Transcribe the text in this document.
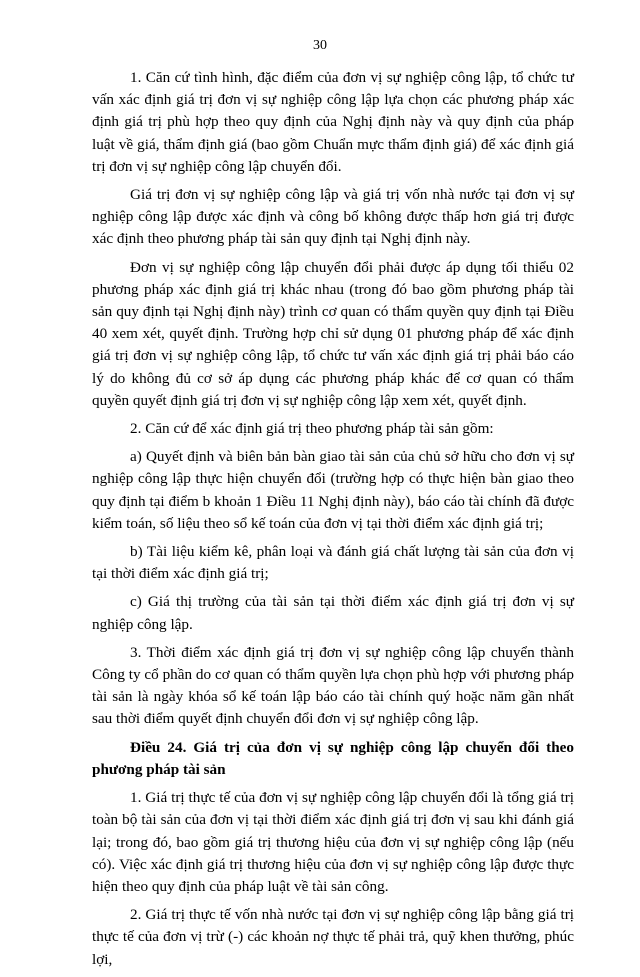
30

1. Căn cứ tình hình, đặc điểm của đơn vị sự nghiệp công lập, tổ chức tư vấn xác định giá trị đơn vị sự nghiệp công lập lựa chọn các phương pháp xác định giá trị phù hợp theo quy định của Nghị định này và quy định của pháp luật về giá, thẩm định giá (bao gồm Chuẩn mực thẩm định giá) để xác định giá trị đơn vị sự nghiệp công lập chuyển đổi.

Giá trị đơn vị sự nghiệp công lập và giá trị vốn nhà nước tại đơn vị sự nghiệp công lập được xác định và công bố không được thấp hơn giá trị được xác định theo phương pháp tài sản quy định tại Nghị định này.

Đơn vị sự nghiệp công lập chuyển đổi phải được áp dụng tối thiểu 02 phương pháp xác định giá trị khác nhau (trong đó bao gồm phương pháp tài sản quy định tại Nghị định này) trình cơ quan có thẩm quyền quy định tại Điều 40 xem xét, quyết định. Trường hợp chỉ sử dụng 01 phương pháp để xác định giá trị đơn vị sự nghiệp công lập, tổ chức tư vấn xác định giá trị phải báo cáo lý do không đủ cơ sở áp dụng các phương pháp khác để cơ quan có thẩm quyền quyết định giá trị đơn vị sự nghiệp công lập xem xét, quyết định.

2. Căn cứ để xác định giá trị theo phương pháp tài sản gồm:

a) Quyết định và biên bản bàn giao tài sản của chủ sở hữu cho đơn vị sự nghiệp công lập thực hiện chuyển đổi (trường hợp có thực hiện bàn giao theo quy định tại điểm b khoản 1 Điều 11 Nghị định này), báo cáo tài chính đã được kiểm toán, số liệu theo sổ kế toán của đơn vị tại thời điểm xác định giá trị;

b) Tài liệu kiểm kê, phân loại và đánh giá chất lượng tài sản của đơn vị tại thời điểm xác định giá trị;

c) Giá thị trường của tài sản tại thời điểm xác định giá trị đơn vị sự nghiệp công lập.

3. Thời điểm xác định giá trị đơn vị sự nghiệp công lập chuyển thành Công ty cổ phần do cơ quan có thẩm quyền lựa chọn phù hợp với phương pháp tài sản là ngày khóa sổ kế toán lập báo cáo tài chính quý hoặc năm gần nhất sau thời điểm quyết định chuyển đổi đơn vị sự nghiệp công lập.

Điều 24. Giá trị của đơn vị sự nghiệp công lập chuyển đổi theo phương pháp tài sản

1. Giá trị thực tế của đơn vị sự nghiệp công lập chuyển đổi là tổng giá trị toàn bộ tài sản của đơn vị tại thời điểm xác định giá trị đơn vị sau khi đánh giá lại; trong đó, bao gồm giá trị thương hiệu của đơn vị sự nghiệp công lập (nếu có). Việc xác định giá trị thương hiệu của đơn vị sự nghiệp công lập được thực hiện theo quy định của pháp luật về tài sản công.

2. Giá trị thực tế vốn nhà nước tại đơn vị sự nghiệp công lập bằng giá trị thực tế của đơn vị trừ (-) các khoản nợ thực tế phải trả, quỹ khen thưởng, phúc lợi,
